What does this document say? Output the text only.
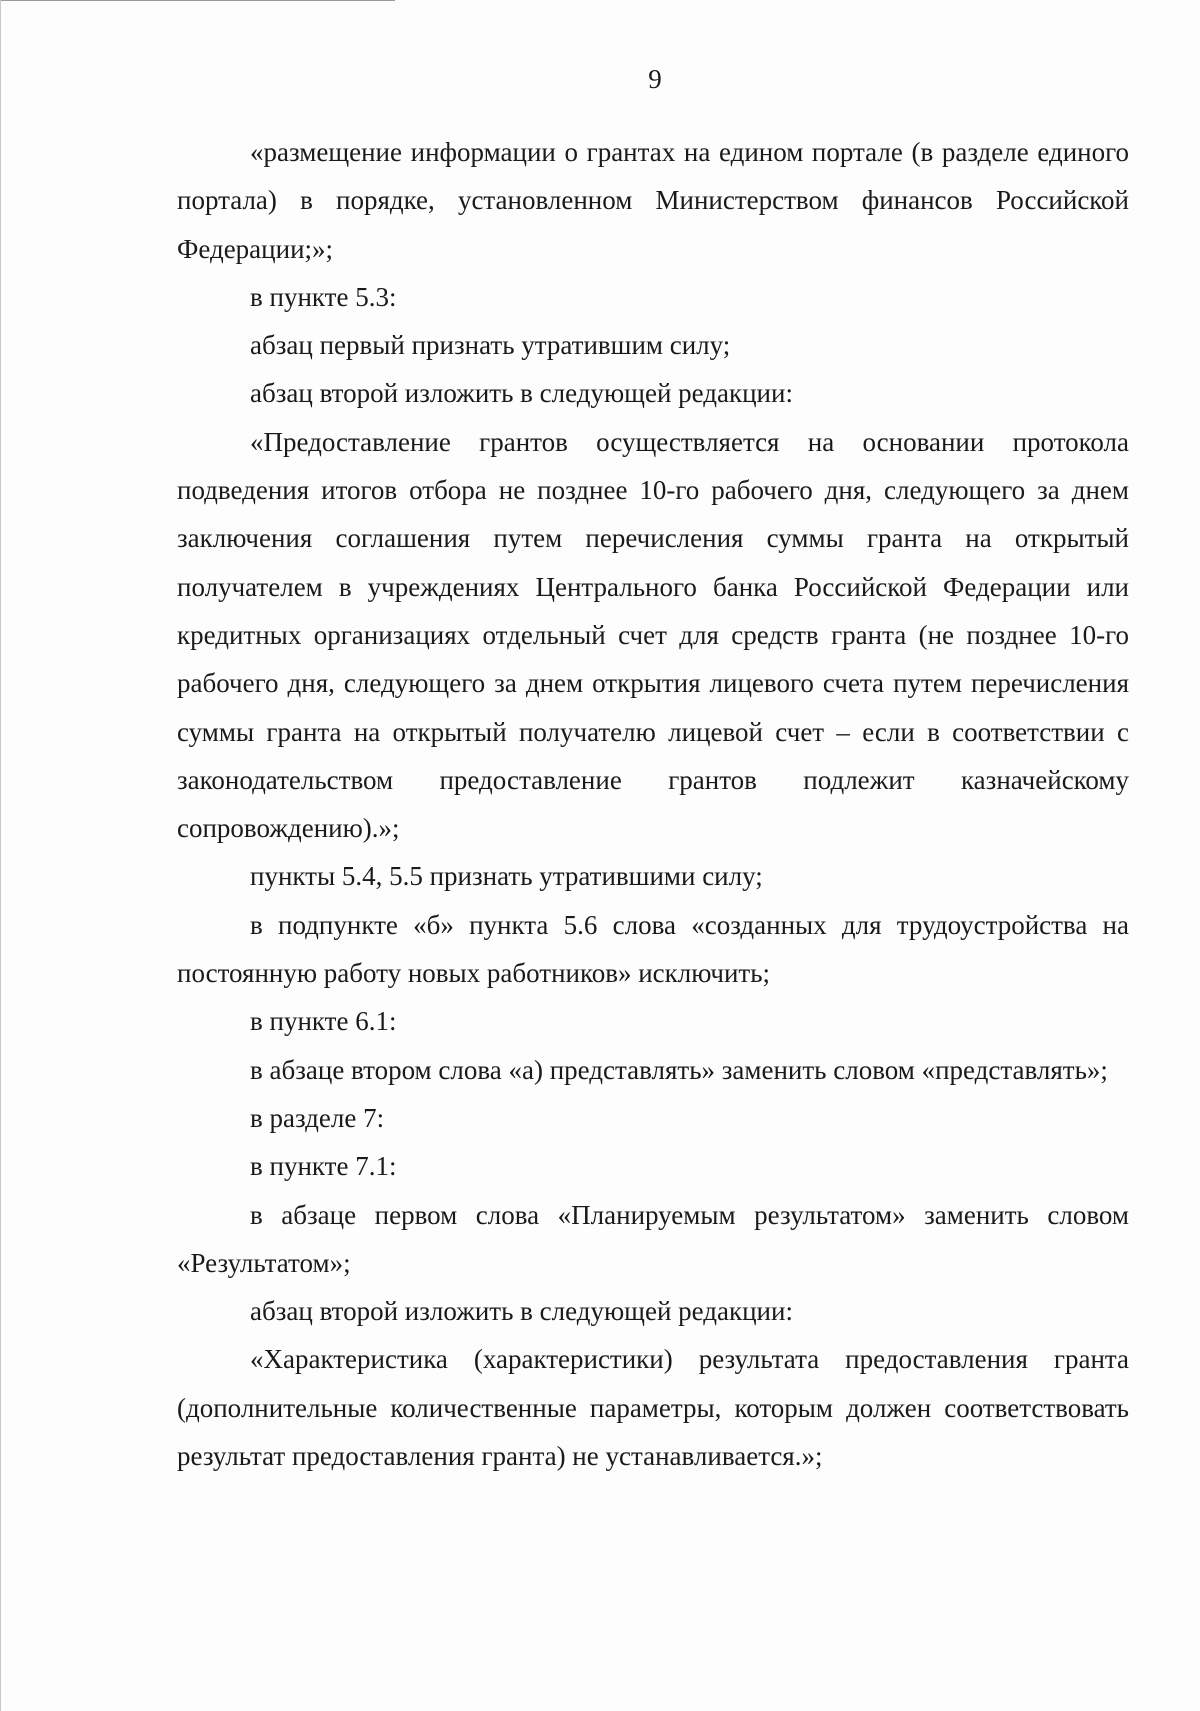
9

«размещение информации о грантах на едином портале (в разделе единого портала) в порядке, установленном Министерством финансов Российской Федерации;»;

в пункте 5.3:

абзац первый признать утратившим силу;

абзац второй изложить в следующей редакции:

«Предоставление грантов осуществляется на основании протокола подведения итогов отбора не позднее 10-го рабочего дня, следующего за днем заключения соглашения путем перечисления суммы гранта на открытый получателем в учреждениях Центрального банка Российской Федерации или кредитных организациях отдельный счет для средств гранта (не позднее 10-го рабочего дня, следующего за днем открытия лицевого счета путем перечисления суммы гранта на открытый получателю лицевой счет – если в соответствии с законодательством предоставление грантов подлежит казначейскому сопровождению).»;

пункты 5.4, 5.5 признать утратившими силу;

в подпункте «б» пункта 5.6 слова «созданных для трудоустройства на постоянную работу новых работников» исключить;

в пункте 6.1:

в абзаце втором слова «а) представлять» заменить словом «представлять»;

в разделе 7:

в пункте 7.1:

в абзаце первом слова «Планируемым результатом» заменить словом «Результатом»;

абзац второй изложить в следующей редакции:

«Характеристика (характеристики) результата предоставления гранта (дополнительные количественные параметры, которым должен соответствовать результат предоставления гранта) не устанавливается.»;
